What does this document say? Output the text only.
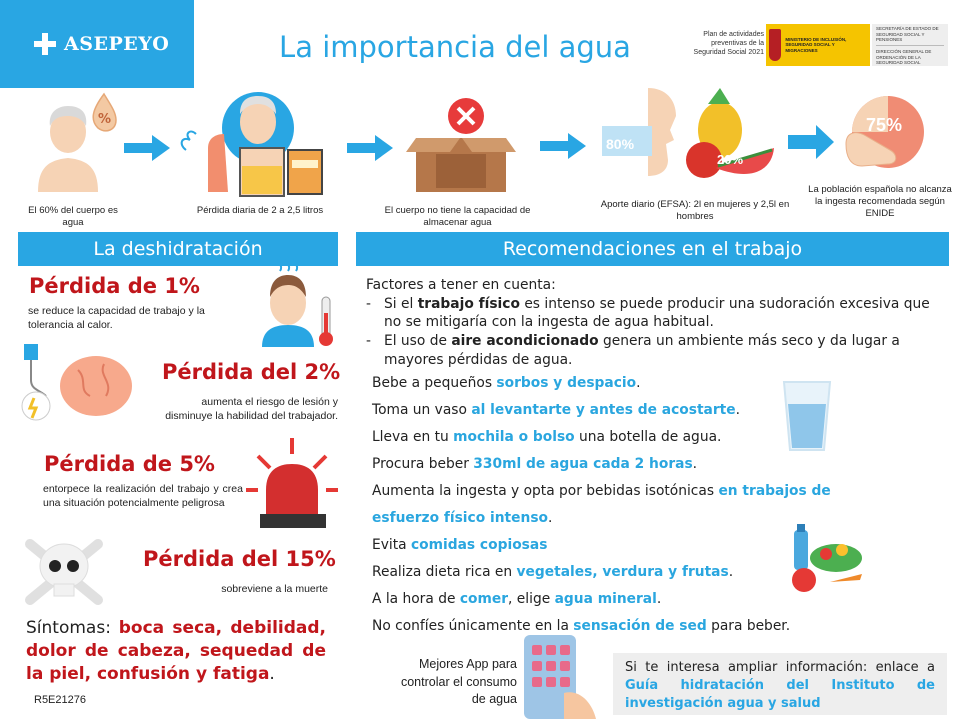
ASEPEYO	La importancia del agua	Plan de actividades preventivas de la Seguridad Social 2021
MINISTERIO DE INCLUSIÓN, SEGURIDAD SOCIAL Y MIGRACIONES
SECRETARÍA DE ESTADO DE SEGURIDAD SOCIAL Y PENSIONES
DIRECCIÓN GENERAL DE ORDENACIÓN DE LA SEGURIDAD SOCIAL
%
80%
20%
75%
El 60% del cuerpo es agua
Pérdida diaria de 2 a 2,5 litros	El cuerpo no tiene la capacidad de almacenar agua
Aporte diario (EFSA): 2l en mujeres y 2,5l en hombres
La población española no alcanza la ingesta recomendada según ENIDE
La deshidratación	Recomendaciones en el trabajo
Pérdida de 1%
se reduce la capacidad de trabajo y la tolerancia al calor.
Pérdida del 2%
aumenta el riesgo de lesión y disminuye la habilidad del trabajador.
Pérdida de 5%
entorpece la realización del trabajo y crea una situación potencialmente peligrosa
Pérdida del 15%
sobreviene a la muerte
Síntomas: boca seca, debilidad, dolor de cabeza, sequedad de la piel, confusión y fatiga.
R5E21276
Factores a tener en cuenta:
- Si el trabajo físico es intenso se puede producir una sudoración excesiva que no se mitigaría con la ingesta de agua habitual.
- El uso de aire acondicionado genera un ambiente más seco y da lugar a mayores pérdidas de agua.
Bebe a pequeños sorbos y despacio.
Toma un vaso al levantarte y antes de acostarte.
Lleva en tu mochila o bolso una botella de agua.
Procura beber 330ml de agua cada 2 horas.
Aumenta la ingesta y opta por bebidas isotónicas en trabajos de
esfuerzo físico intenso.
Evita comidas copiosas
Realiza dieta rica en vegetales, verdura y frutas.
A la hora de comer, elige agua mineral.
No confíes únicamente en la sensación de sed para beber.
Mejores App para controlar el consumo de agua
Si te interesa ampliar información: enlace a Guía hidratación del Instituto de investigación agua y salud
